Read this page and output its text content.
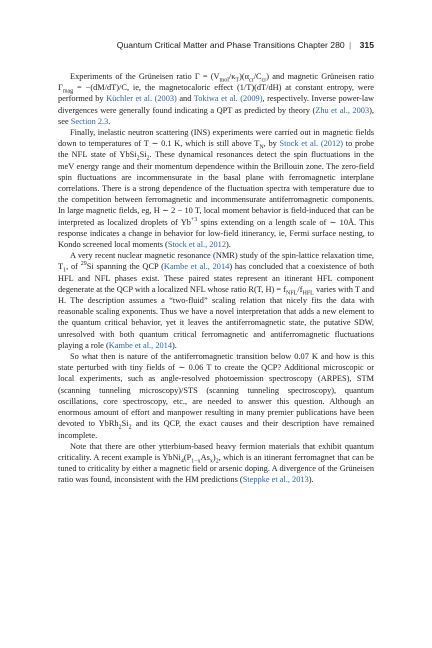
Quantum Critical Matter and Phase Transitions Chapter 280 | 315

Experiments of the Grüneisen ratio $\Gamma = (V_{mol}/\kappa_T)(\alpha_{cr}/C_{cr})$ and magnetic Grüneisen ratio $\Gamma_{mag} = -(dM/dT)/C$, ie, the magnetocaloric effect (1/T)(dT/dH) at constant entropy, were performed by Küchler et al. (2003) and Tokiwa et al. (2009), respectively. Inverse power-law divergences were generally found indicating a QPT as predicted by theory (Zhu et al., 2003), see Section 2.3.

Finally, inelastic neutron scattering (INS) experiments were carried out in magnetic fields down to temperatures of T ∼ 0.1 K, which is still above $T_N$, by Stock et al. (2012) to probe the NFL state of $YbSi_2Si_2$. These dynamical resonances detect the spin fluctuations in the meV energy range and their momentum dependence within the Brillouin zone. The zero-field spin fluctuations are incommensurate in the basal plane with ferromagnetic interplane correlations. There is a strong dependence of the fluctuation spectra with temperature due to the competition between ferromagnetic and incommensurate antiferromagnetic components. In large magnetic fields, eg, H ∼ 2 − 10 T, local moment behavior is field-induced that can be interpreted as localized droplets of $Yb^{+3}$ spins extending on a length scale of ∼ 10Å. This response indicates a change in behavior for low-field itinerancy, ie, Fermi surface nesting, to Kondo screened local moments (Stock et al., 2012).

A very recent nuclear magnetic resonance (NMR) study of the spin-lattice relaxation time, $T_1$, of $^{29}$Si spanning the QCP (Kambe et al., 2014) has concluded that a coexistence of both HFL and NFL phases exist. These paired states represent an itinerant HFL component degenerate at the QCP with a localized NFL whose ratio R(T, $H) = f_{NFL}/f_{HFL}$ varies with T and H. The description assumes a “two-fluid” scaling relation that nicely fits the data with reasonable scaling exponents. Thus we have a novel interpretation that adds a new element to the quantum critical behavior, yet it leaves the antiferromagnetic state, the putative SDW, unresolved with both quantum critical ferromagnetic and antiferromagnetic fluctuations playing a role (Kambe et al., 2014).

So what then is nature of the antiferromagnetic transition below 0.07 K and how is this state perturbed with tiny fields of ∼ 0.06 T to create the QCP? Additional microscopic or local experiments, such as angle-resolved photoemission spectroscopy (ARPES), STM (scanning tunneling microscopy)/STS (scanning tunneling spectroscopy), quantum oscillations, core spectroscopy, etc., are needed to answer this question. Although an enormous amount of effort and manpower resulting in many premier publications have been devoted to $YbRh_2Si_2$ and its QCP, the exact causes and their description have remained incomplete.

Note that there are other ytterbium-based heavy fermion materials that exhibit quantum criticality. A recent example is $YbNi_4(P_{1-x}As_x)_2$, which is an itinerant ferromagnet that can be tuned to criticality by either a magnetic field or arsenic doping. A divergence of the Grüneisen ratio was found, inconsistent with the HM predictions (Steppke et al., 2013).
